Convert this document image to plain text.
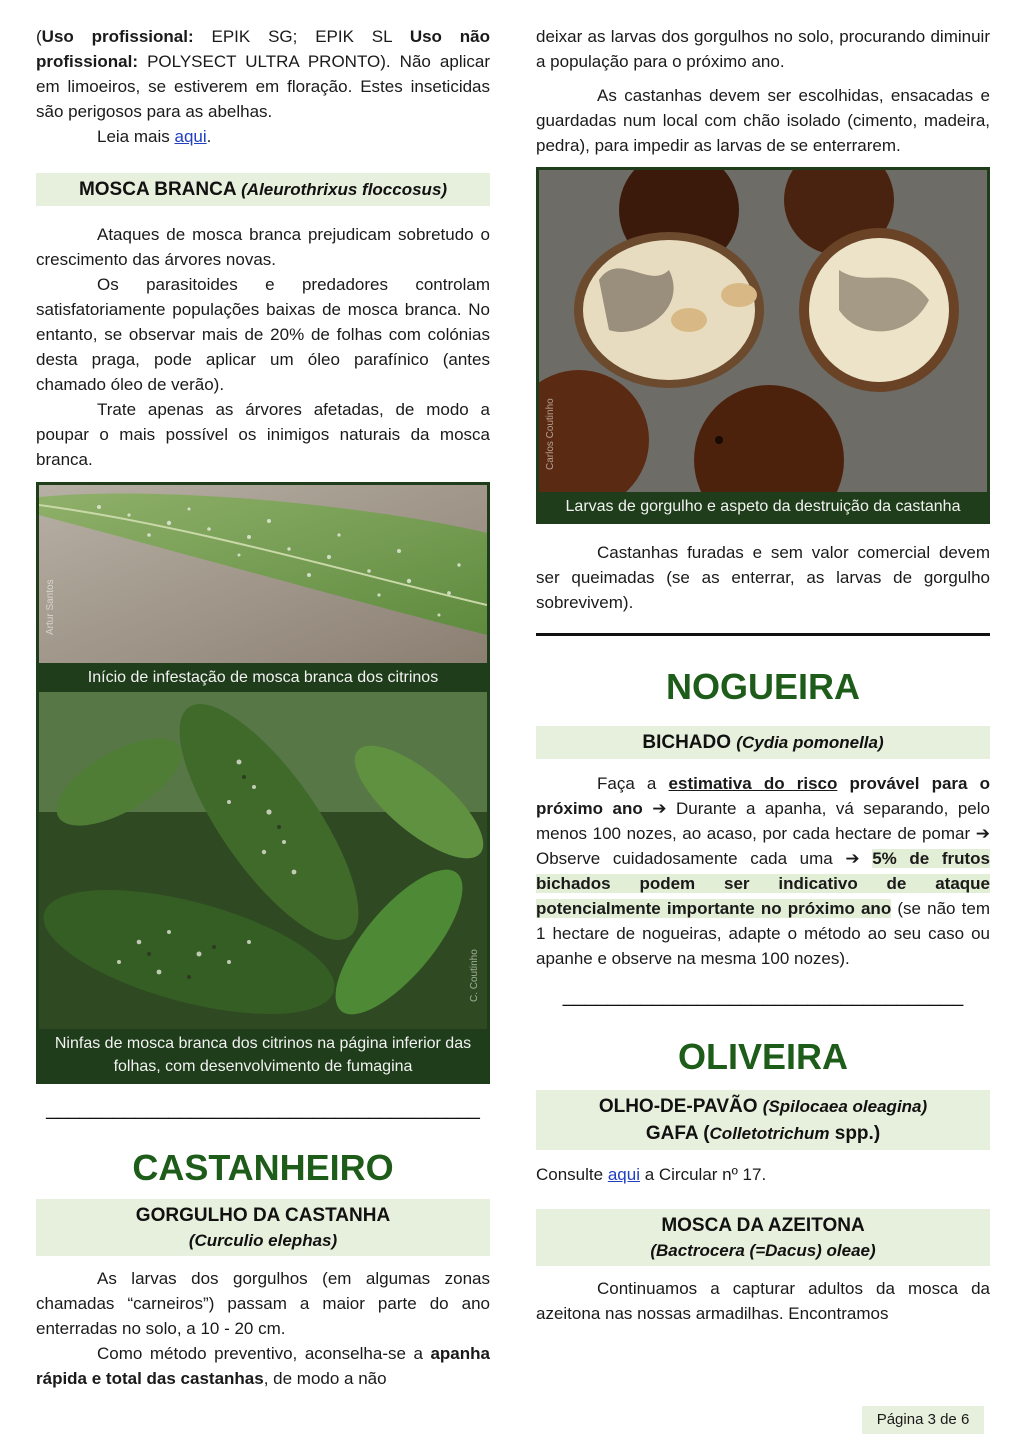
(Uso profissional: EPIK SG; EPIK SL Uso não profissional: POLYSECT ULTRA PRONTO). Não aplicar em limoeiros, se estiverem em floração. Estes inseticidas são perigosos para as abelhas.

Leia mais aqui.

MOSCA BRANCA (Aleurothrixus floccosus)

Ataques de mosca branca prejudicam sobretudo o crescimento das árvores novas.

Os parasitoides e predadores controlam satisfatoriamente populações baixas de mosca branca. No entanto, se observar mais de 20% de folhas com colónias desta praga, pode aplicar um óleo parafínico (antes chamado óleo de verão).

Trate apenas as árvores afetadas, de modo a poupar o mais possível os inimigos naturais da mosca branca.

Artur Santos
Início de infestação de mosca branca dos citrinos
C. Coutinho
Ninfas de mosca branca dos citrinos na página inferior das folhas, com desenvolvimento de fumagina
_______________________________________
CASTANHEIRO
GORGULHO DA CASTANHA
(Curculio elephas)

As larvas dos gorgulhos (em algumas zonas chamadas “carneiros”) passam a maior parte do ano enterradas no solo, a 10 - 20 cm.

Como método preventivo, aconselha-se a apanha rápida e total das castanhas, de modo a não

deixar as larvas dos gorgulhos no solo, procurando diminuir a população para o próximo ano.

As castanhas devem ser escolhidas, ensacadas e guardadas num local com chão isolado (cimento, madeira, pedra), para impedir as larvas de se enterrarem.

Carlos Coutinho
Larvas de gorgulho e aspeto da destruição da castanha

Castanhas furadas e sem valor comercial devem ser queimadas (se as enterrar, as larvas de gorgulho sobrevivem).

NOGUEIRA
BICHADO (Cydia pomonella)

Faça a estimativa do risco provável para o próximo ano ➔ Durante a apanha, vá separando, pelo menos 100 nozes, ao acaso, por cada hectare de pomar ➔ Observe cuidadosamente cada uma ➔ 5% de frutos bichados podem ser indicativo de ataque potencialmente importante no próximo ano (se não tem 1 hectare de nogueiras, adapte o método ao seu caso ou apanhe e observe na mesma 100 nozes).

____________________________________
OLIVEIRA
OLHO-DE-PAVÃO (Spilocaea oleagina)
GAFA (Colletotrichum spp.)

Consulte aqui a Circular nº 17.

MOSCA DA AZEITONA
(Bactrocera (=Dacus) oleae)

Continuamos a capturar adultos da mosca da azeitona nas nossas armadilhas. Encontramos

Página 3 de 6
